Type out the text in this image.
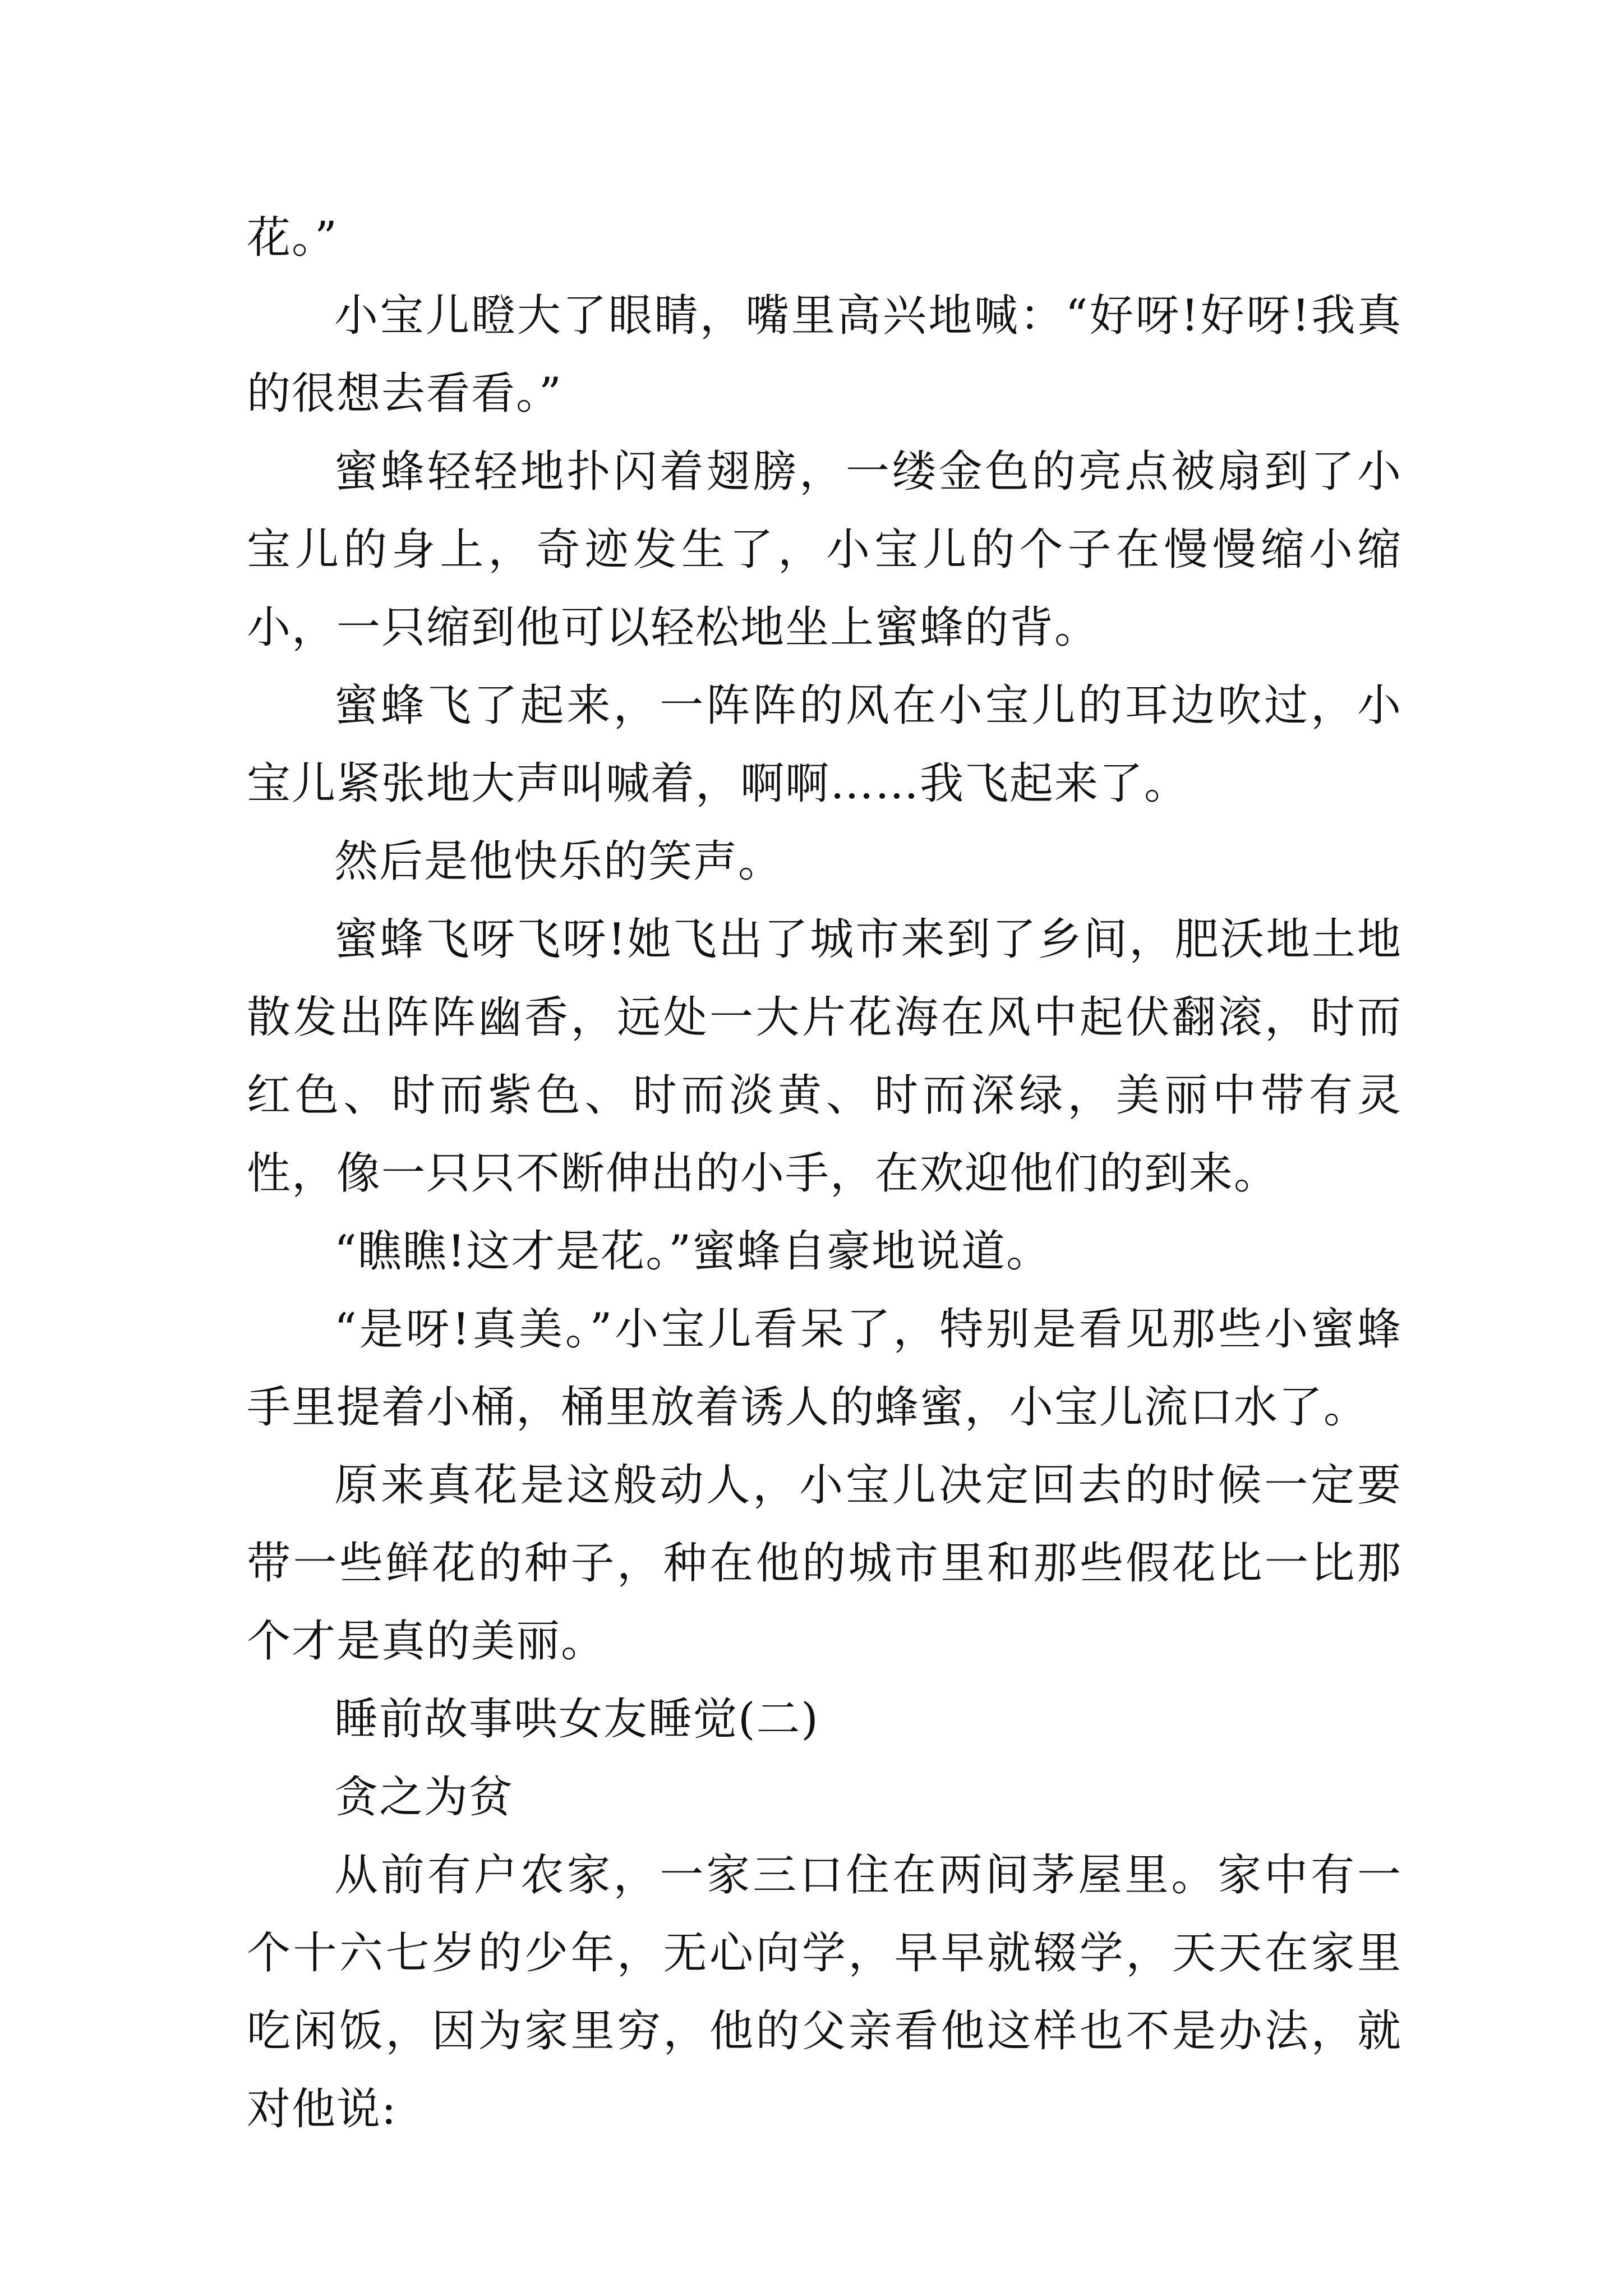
花。”

小宝儿瞪大了眼睛，嘴里高兴地喊：“好呀!好呀!我真的很想去看看。”

蜜蜂轻轻地扑闪着翅膀，一缕金色的亮点被扇到了小宝儿的身上，奇迹发生了，小宝儿的个子在慢慢缩小缩小，一只缩到他可以轻松地坐上蜜蜂的背。

蜜蜂飞了起来，一阵阵的风在小宝儿的耳边吹过，小宝儿紧张地大声叫喊着，啊啊……我飞起来了。

然后是他快乐的笑声。

蜜蜂飞呀飞呀!她飞出了城市来到了乡间，肥沃地土地散发出阵阵幽香，远处一大片花海在风中起伏翻滚，时而红色、时而紫色、时而淡黄、时而深绿，美丽中带有灵性，像一只只不断伸出的小手，在欢迎他们的到来。

“瞧瞧!这才是花。”蜜蜂自豪地说道。

“是呀!真美。”小宝儿看呆了，特别是看见那些小蜜蜂手里提着小桶，桶里放着诱人的蜂蜜，小宝儿流口水了。

原来真花是这般动人，小宝儿决定回去的时候一定要带一些鲜花的种子，种在他的城市里和那些假花比一比那个才是真的美丽。

睡前故事哄女友睡觉(二)

贪之为贫

从前有户农家，一家三口住在两间茅屋里。家中有一个十六七岁的少年，无心向学，早早就辍学，天天在家里吃闲饭，因为家里穷，他的父亲看他这样也不是办法，就对他说:
